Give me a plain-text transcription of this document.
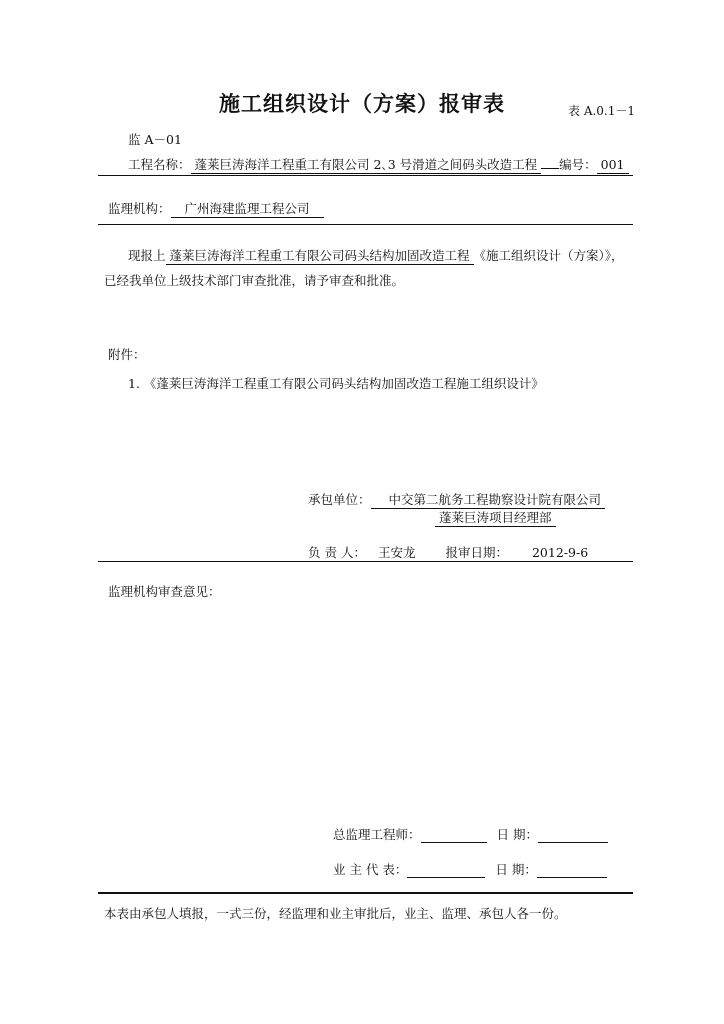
施工组织设计（方案）报审表	表 A.0.1－1
监 A－01
工程名称： 蓬莱巨涛海洋工程重工有限公司 2､3 号滑道之间码头改造工程 编号： 001
监理机构： 广州海建监理工程公司
现报上 蓬莱巨涛海洋工程重工有限公司码头结构加固改造工程 《施工组织设计（方案）》，
已经我单位上级技术部门审查批准，请予审查和批准。
附件：
1. 《蓬莱巨涛海洋工程重工有限公司码头结构加固改造工程施工组织设计》
承包单位： 中交第二航务工程勘察设计院有限公司
蓬莱巨涛项目经理部
负 责 人： 王安龙 报审日期： 2012-9-6
监理机构审查意见：
总监理工程师：	日 期：
业 主 代 表：	日 期：
本表由承包人填报，一式三份，经监理和业主审批后，业主、监理、承包人各一份。
